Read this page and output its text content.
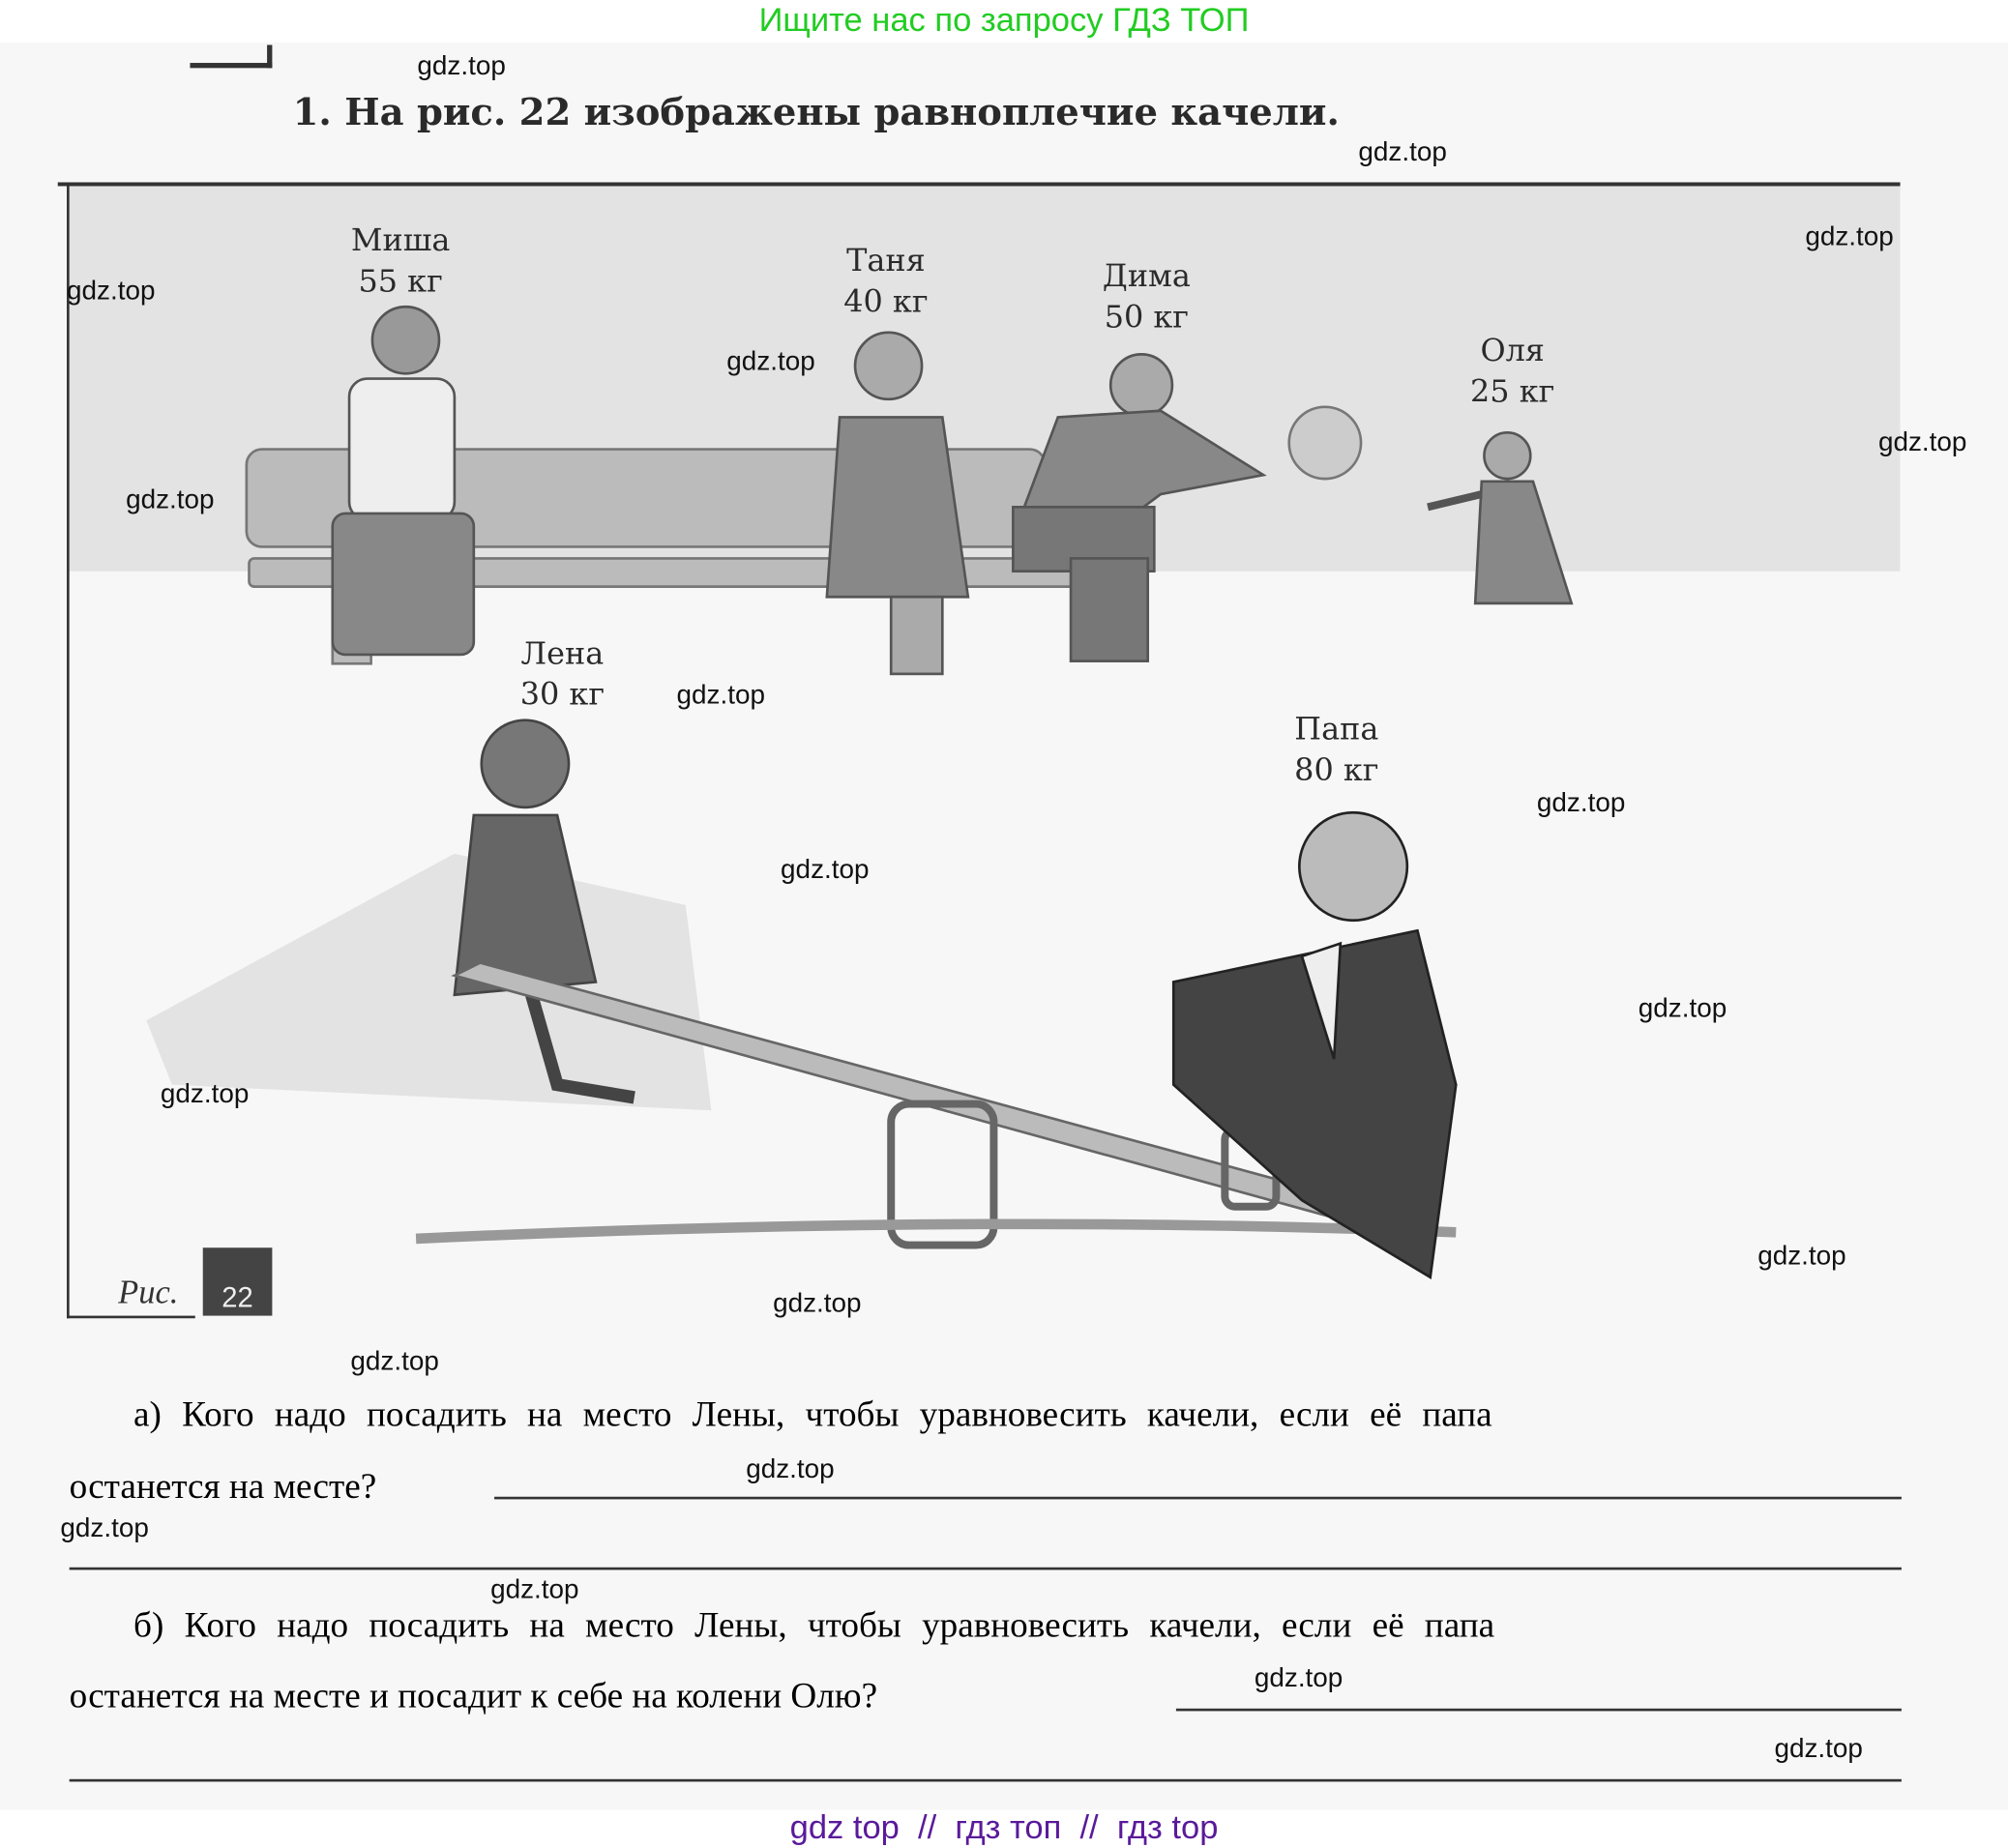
Ищите нас по запросу ГДЗ ТОП
1. На рис. 22 изображены равноплечие качели.
Миша
55 кг
Таня
40 кг
Дима
50 кг
Оля
25 кг
Лена
30 кг
Папа
80 кг
Рис.	22
а) Кого надо посадить на место Лены, чтобы уравновесить качели, если её папа
останется на месте?
б) Кого надо посадить на место Лены, чтобы уравновесить качели, если её папа
останется на месте и посадит к себе на колени Олю?
gdz.top
gdz.top
gdz.top
gdz.top
gdz.top
gdz.top
gdz.top
gdz.top
gdz.top
gdz.top
gdz.top
gdz.top
gdz.top
gdz.top
gdz.top
gdz.top
gdz.top
gdz.top
gdz.top
gdz.top
gdz top  //  гдз топ  //  гдз top
